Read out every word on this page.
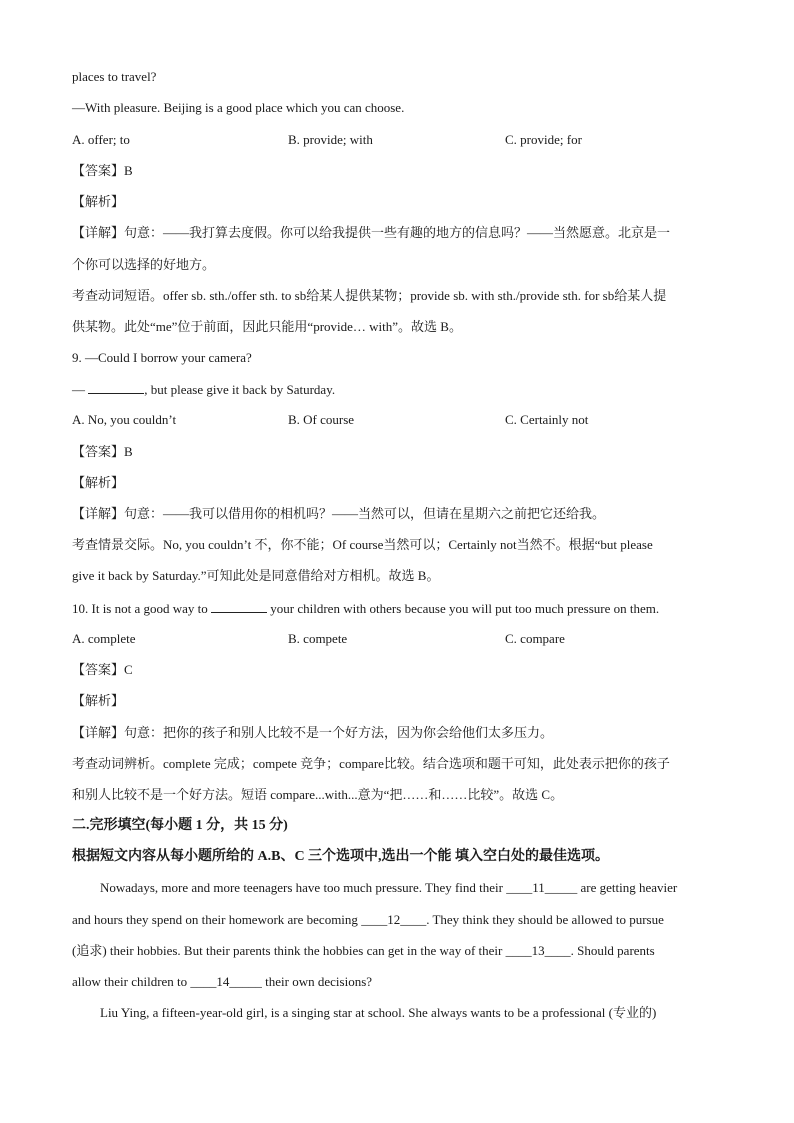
places to travel?
—With pleasure. Beijing is a good place which you can choose.
A. offer; to	B. provide; with	C. provide; for
【答案】B
【解析】
【详解】句意：——我打算去度假。你可以给我提供一些有趣的地方的信息吗？——当然愿意。北京是一
个你可以选择的好地方。
考查动词短语。offer sb. sth./offer sth. to sb给某人提供某物；provide sb. with sth./provide sth. for sb给某人提
供某物。此处“me”位于前面，因此只能用“provide… with”。故选 B。
9. —Could I borrow your camera?
—	, but please give it back by Saturday.
A. No, you couldn’t	B. Of course	C. Certainly not
【答案】B
【解析】
【详解】句意：——我可以借用你的相机吗？——当然可以，但请在星期六之前把它还给我。
考查情景交际。No, you couldn’t 不，你不能；Of course当然可以；Certainly not当然不。根据“but please
give it back by Saturday.”可知此处是同意借给对方相机。故选 B。
10. It is not a good way to	your children with others because you will put too much pressure on them.
A. complete	B. compete	C. compare
【答案】C
【解析】
【详解】句意：把你的孩子和别人比较不是一个好方法，因为你会给他们太多压力。
考查动词辨析。complete 完成；compete 竞争；compare比较。结合选项和题干可知，此处表示把你的孩子
和别人比较不是一个好方法。短语 compare...with...意为“把……和……比较”。故选 C。
二.完形填空(每小题 1 分，共 15 分)
根据短文内容从每小题所给的 A.B、C 三个选项中,选出一个能 填入空白处的最佳选项。
Nowadays, more and more teenagers have too much pressure. They find their ____11_____ are getting heavier
and hours they spend on their homework are becoming ____12____. They think they should be allowed to pursue
(追求) their hobbies. But their parents think the hobbies can get in the way of their ____13____. Should parents
allow their children to ____14_____ their own decisions?
Liu Ying, a fifteen-year-old girl, is a singing star at school. She always wants to be a professional (专业的)
